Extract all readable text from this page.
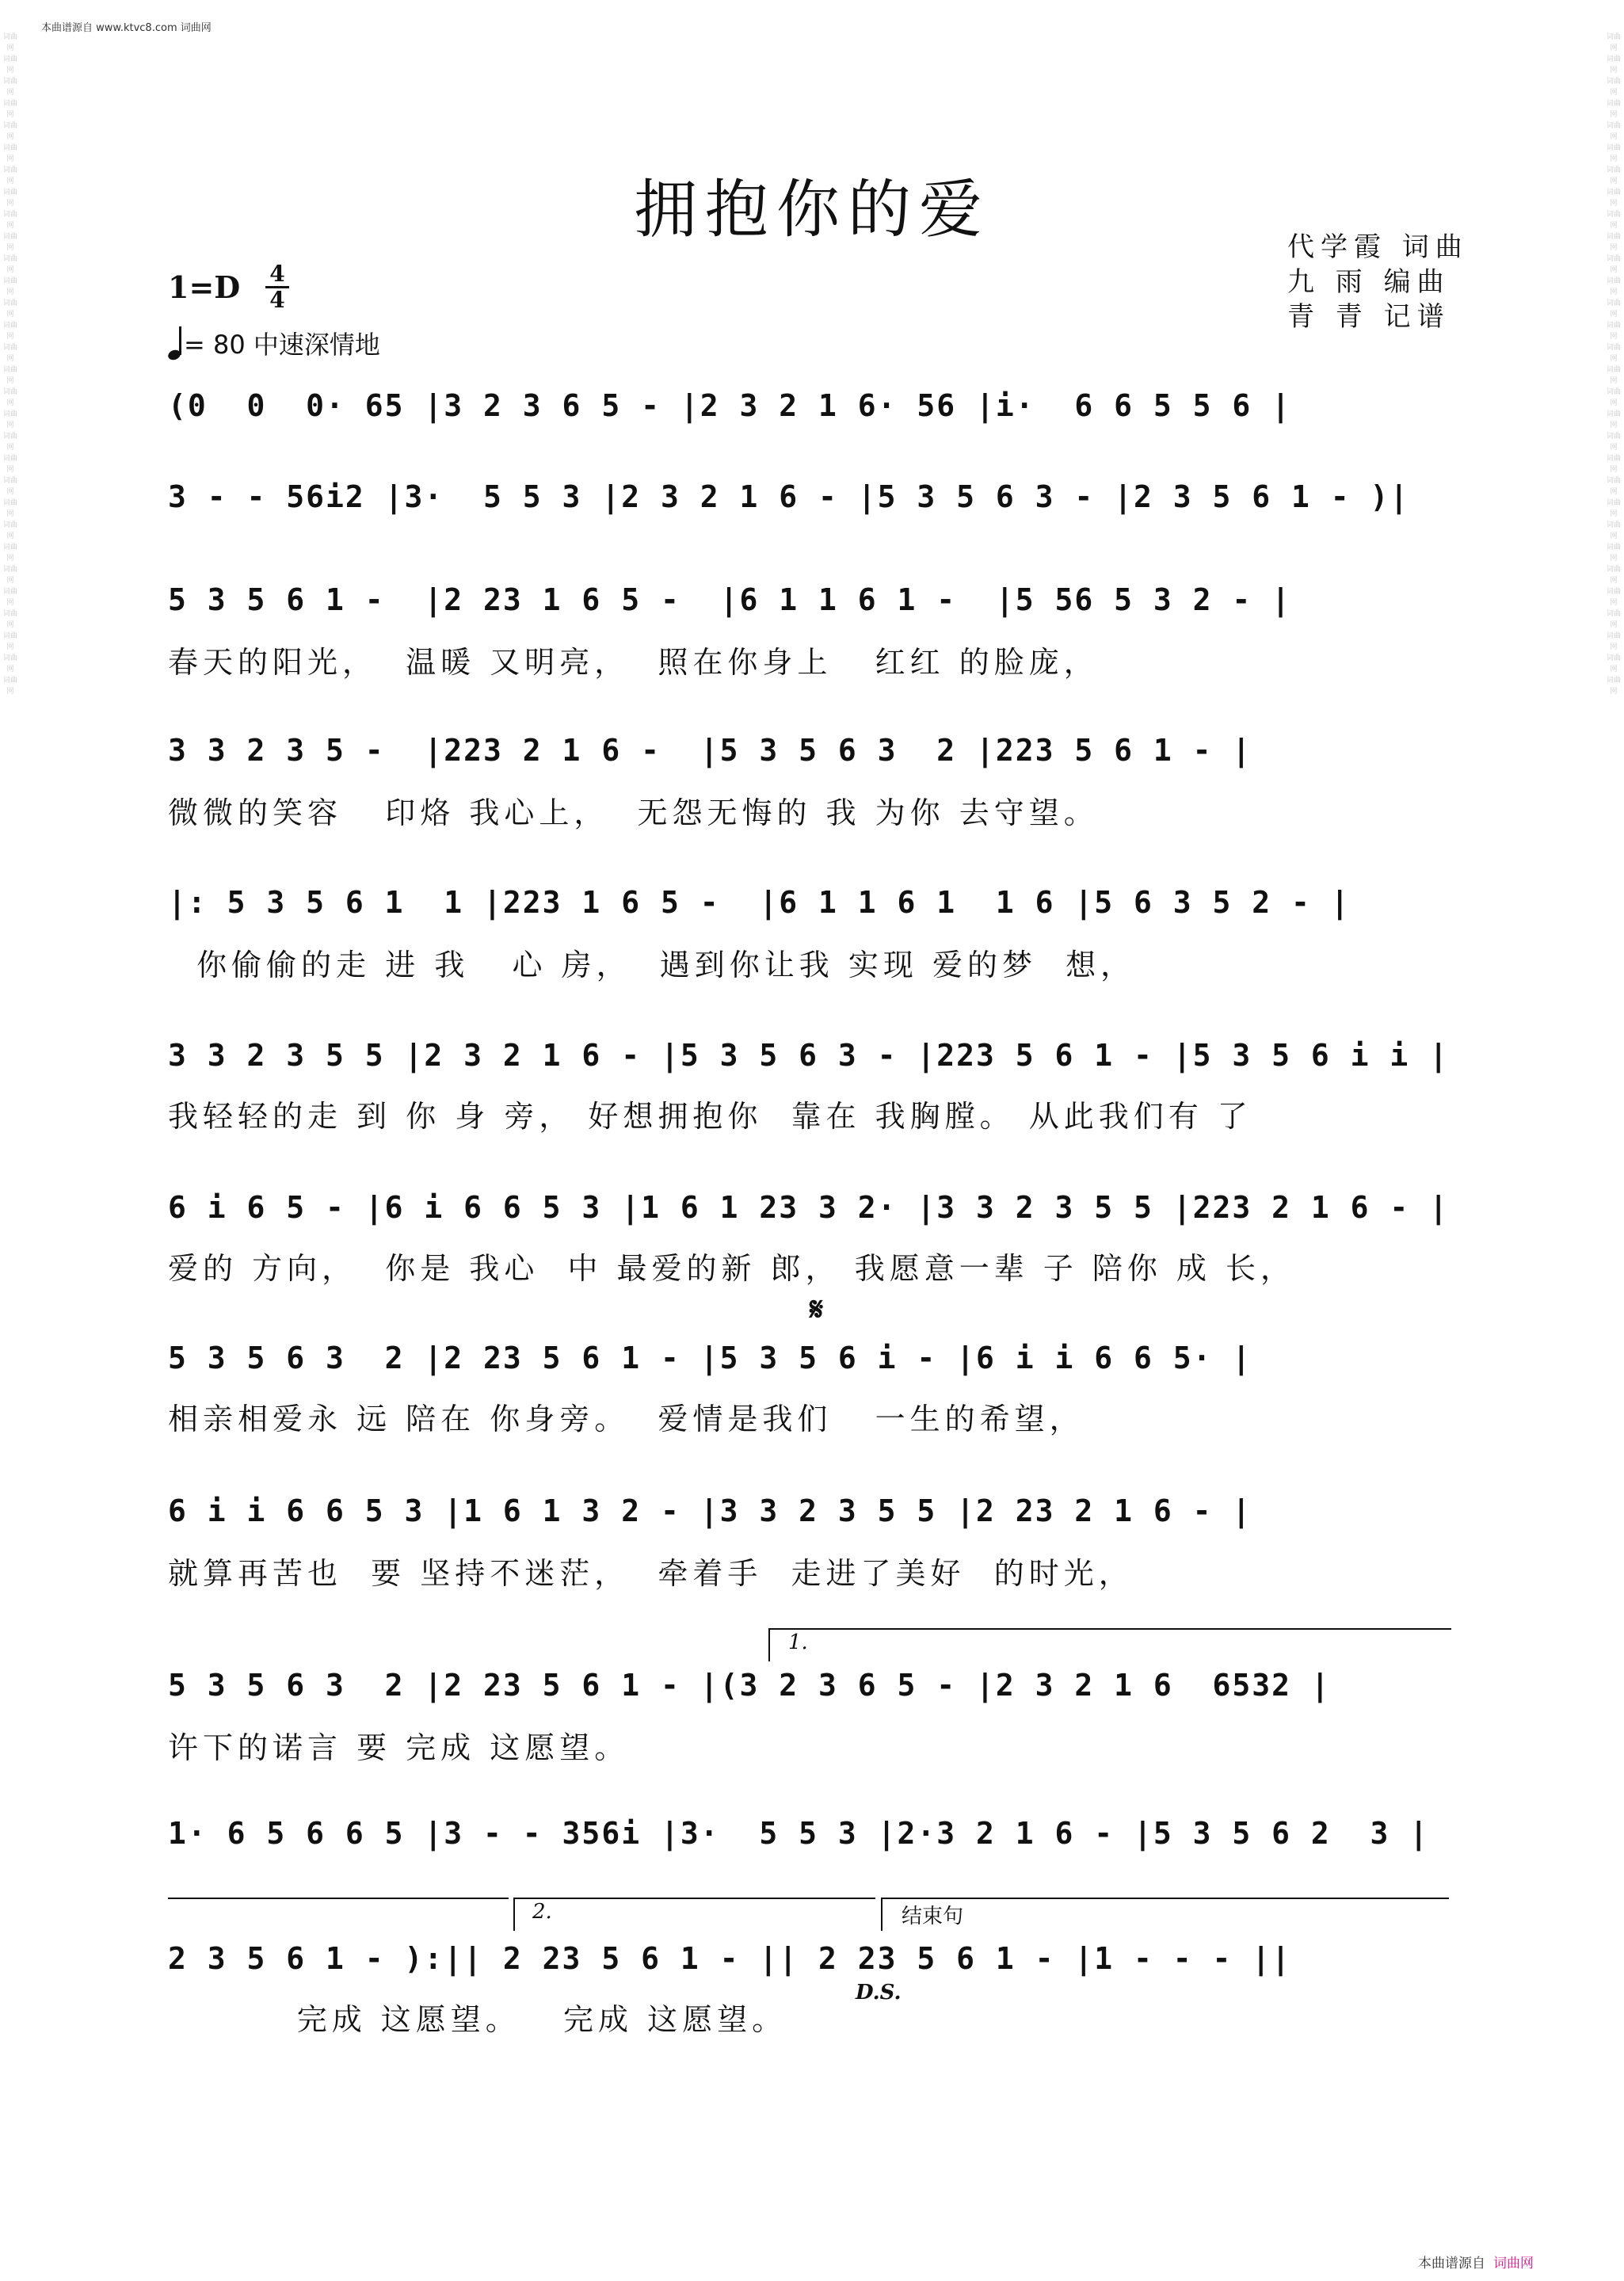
本曲谱源自 www.ktvc8.com 词曲网
词曲网 词曲网 词曲网 词曲网 词曲网 词曲网 词曲网 词曲网 词曲网 词曲网 词曲网 词曲网 词曲网 词曲网 词曲网 词曲网 词曲网 词曲网 词曲网 词曲网 词曲网 词曲网 词曲网 词曲网 词曲网 词曲网 词曲网 词曲网 词曲网 词曲网
词曲网 词曲网 词曲网 词曲网 词曲网 词曲网 词曲网 词曲网 词曲网 词曲网 词曲网 词曲网 词曲网 词曲网 词曲网 词曲网 词曲网 词曲网 词曲网 词曲网 词曲网 词曲网 词曲网 词曲网 词曲网 词曲网 词曲网 词曲网 词曲网 词曲网
拥抱你的爱
代学霞 词曲
九 雨 编曲
青 青 记谱
1=D 4
4
= 80 中速深情地
(0  0  0· 65 |3 2 3 6 5 - |2 3 2 1 6· 56 |i·  6 6 5 5 6 |
3 - - 56i2 |3·  5 5 3 |2 3 2 1 6 - |5 3 5 6 3 - |2 3 5 6 1 - )|
5 3 5 6 1 -  |2 23 1 6 5 -  |6 1 1 6 1 -  |5 56 5 3 2 - |
春天的阳光，  温暖 又明亮，  照在你身上   红红 的脸庞，
3 3 2 3 5 -  |223 2 1 6 -  |5 3 5 6 3  2 |223 5 6 1 - |
微微的笑容   印烙 我心上，  无怨无悔的 我 为你 去守望。
|: 5 3 5 6 1  1 |223 1 6 5 -  |6 1 1 6 1  1 6 |5 6 3 5 2 - |
你偷偷的走 进 我   心 房，  遇到你让我 实现 爱的梦  想，
3 3 2 3 5 5 |2 3 2 1 6 - |5 3 5 6 3 - |223 5 6 1 - |5 3 5 6 i i |
我轻轻的走 到 你 身 旁， 好想拥抱你  靠在 我胸膛。 从此我们有 了
6 i 6 5 - |6 i 6 6 5 3 |1 6 1 23 3 2· |3 3 2 3 5 5 |223 2 1 6 - |
爱的 方向，  你是 我心  中 最爱的新 郎， 我愿意一辈 子 陪你 成 长，
𝄋
5 3 5 6 3  2 |2 23 5 6 1 - |5 3 5 6 i - |6 i i 6 6 5· |
相亲相爱永 远 陪在 你身旁。  爱情是我们   一生的希望，
6 i i 6 6 5 3 |1 6 1 3 2 - |3 3 2 3 5 5 |2 23 2 1 6 - |
就算再苦也  要 坚持不迷茫，  牵着手  走进了美好  的时光，
1.
5 3 5 6 3  2 |2 23 5 6 1 - |(3 2 3 6 5 - |2 3 2 1 6  6532 |
许下的诺言 要 完成 这愿望。
1· 6 5 6 6 5 |3 - - 356i |3·  5 5 3 |2·3 2 1 6 - |5 3 5 6 2  3 |
2.	结束句
2 3 5 6 1 - ):|| 2 23 5 6 1 - || 2 23 5 6 1 - |1 - - - ||
D.S.
完成 这愿望。   完成 这愿望。
本曲谱源自 词曲网
